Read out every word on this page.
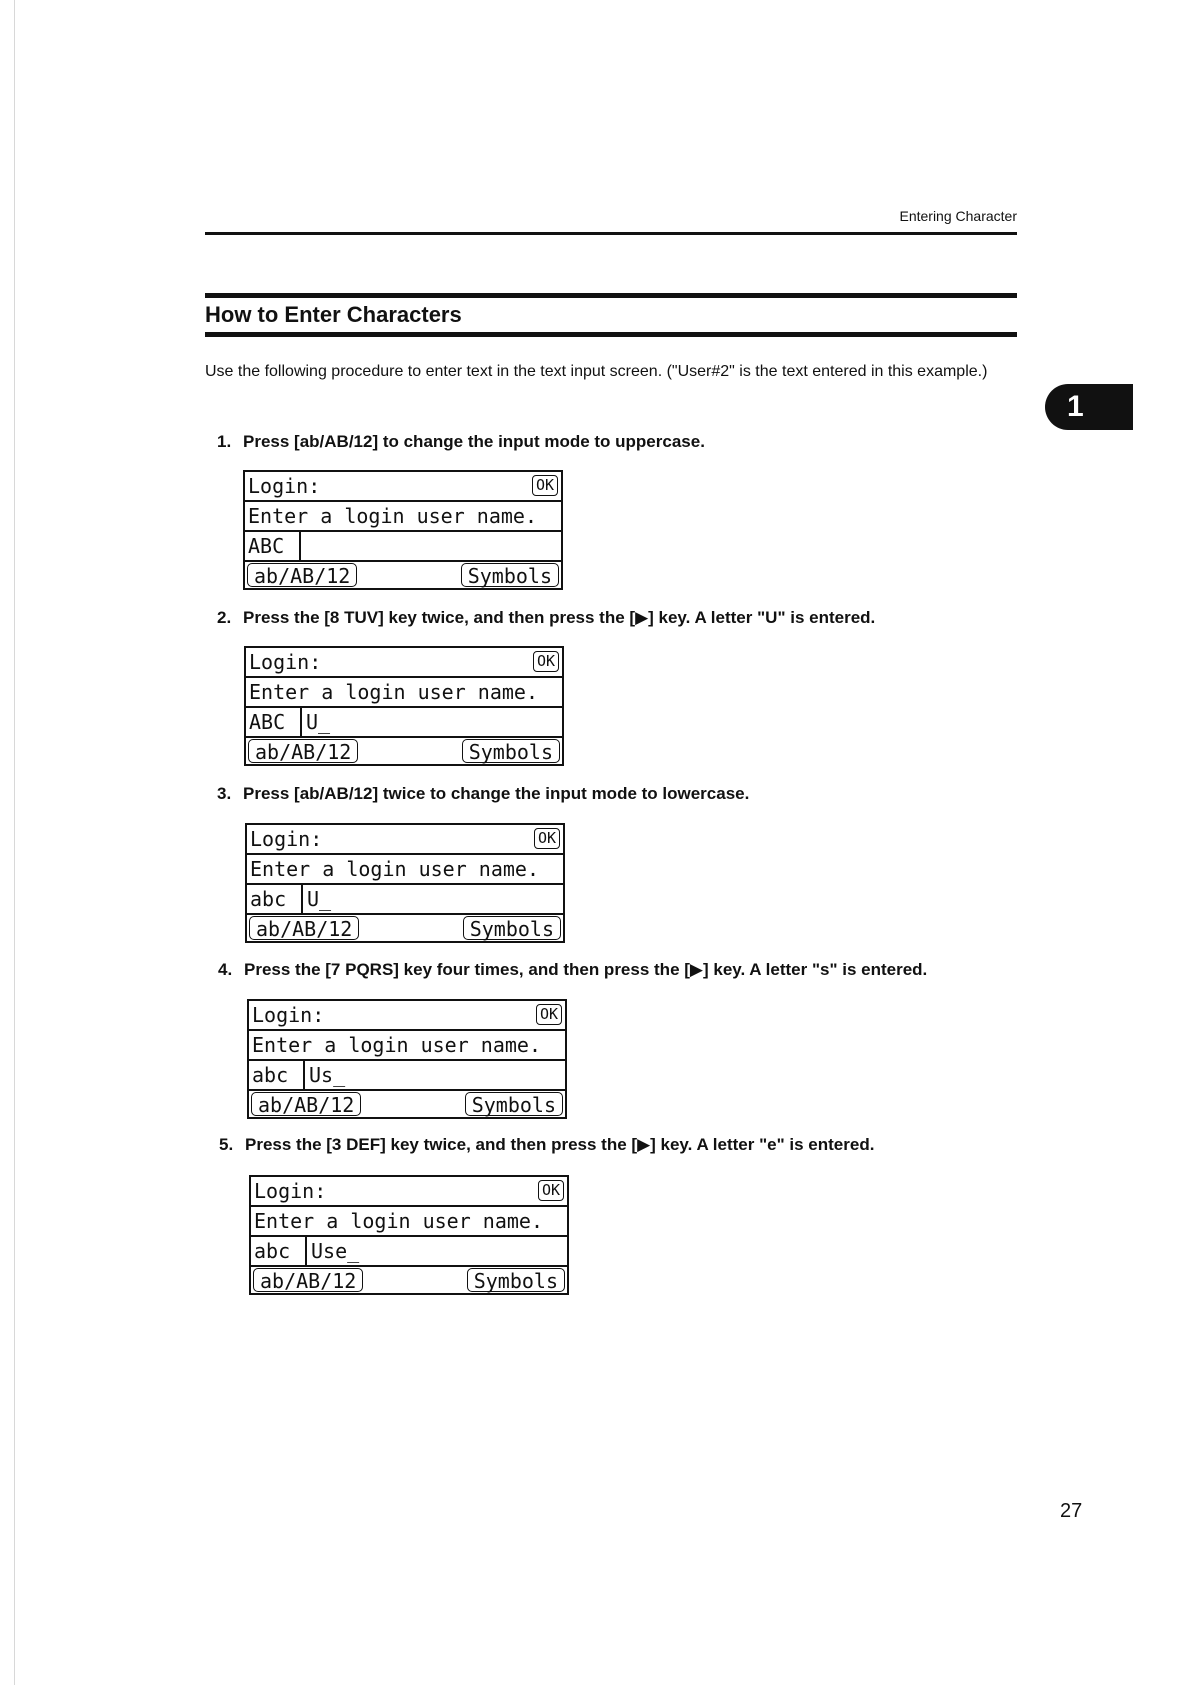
Entering Character
How to Enter Characters
Use the following procedure to enter text in the text input screen. ("User#2" is the text entered in this example.)
1
1. Press [ab/AB/12] to change the input mode to uppercase.
Login:	OK
Enter a login user name.
ABC
ab/AB/12	Symbols
2. Press the [8 TUV] key twice, and then press the [▶] key. A letter "U" is entered.
Login:	OK
Enter a login user name.
ABC U_
ab/AB/12	Symbols
3. Press [ab/AB/12] twice to change the input mode to lowercase.
Login:	OK
Enter a login user name.
abc U_
ab/AB/12	Symbols
4. Press the [7 PQRS] key four times, and then press the [▶] key. A letter "s" is entered.
Login:	OK
Enter a login user name.
abc Us_
ab/AB/12	Symbols
5. Press the [3 DEF] key twice, and then press the [▶] key. A letter "e" is entered.
Login:	OK
Enter a login user name.
abc Use_
ab/AB/12	Symbols
27
